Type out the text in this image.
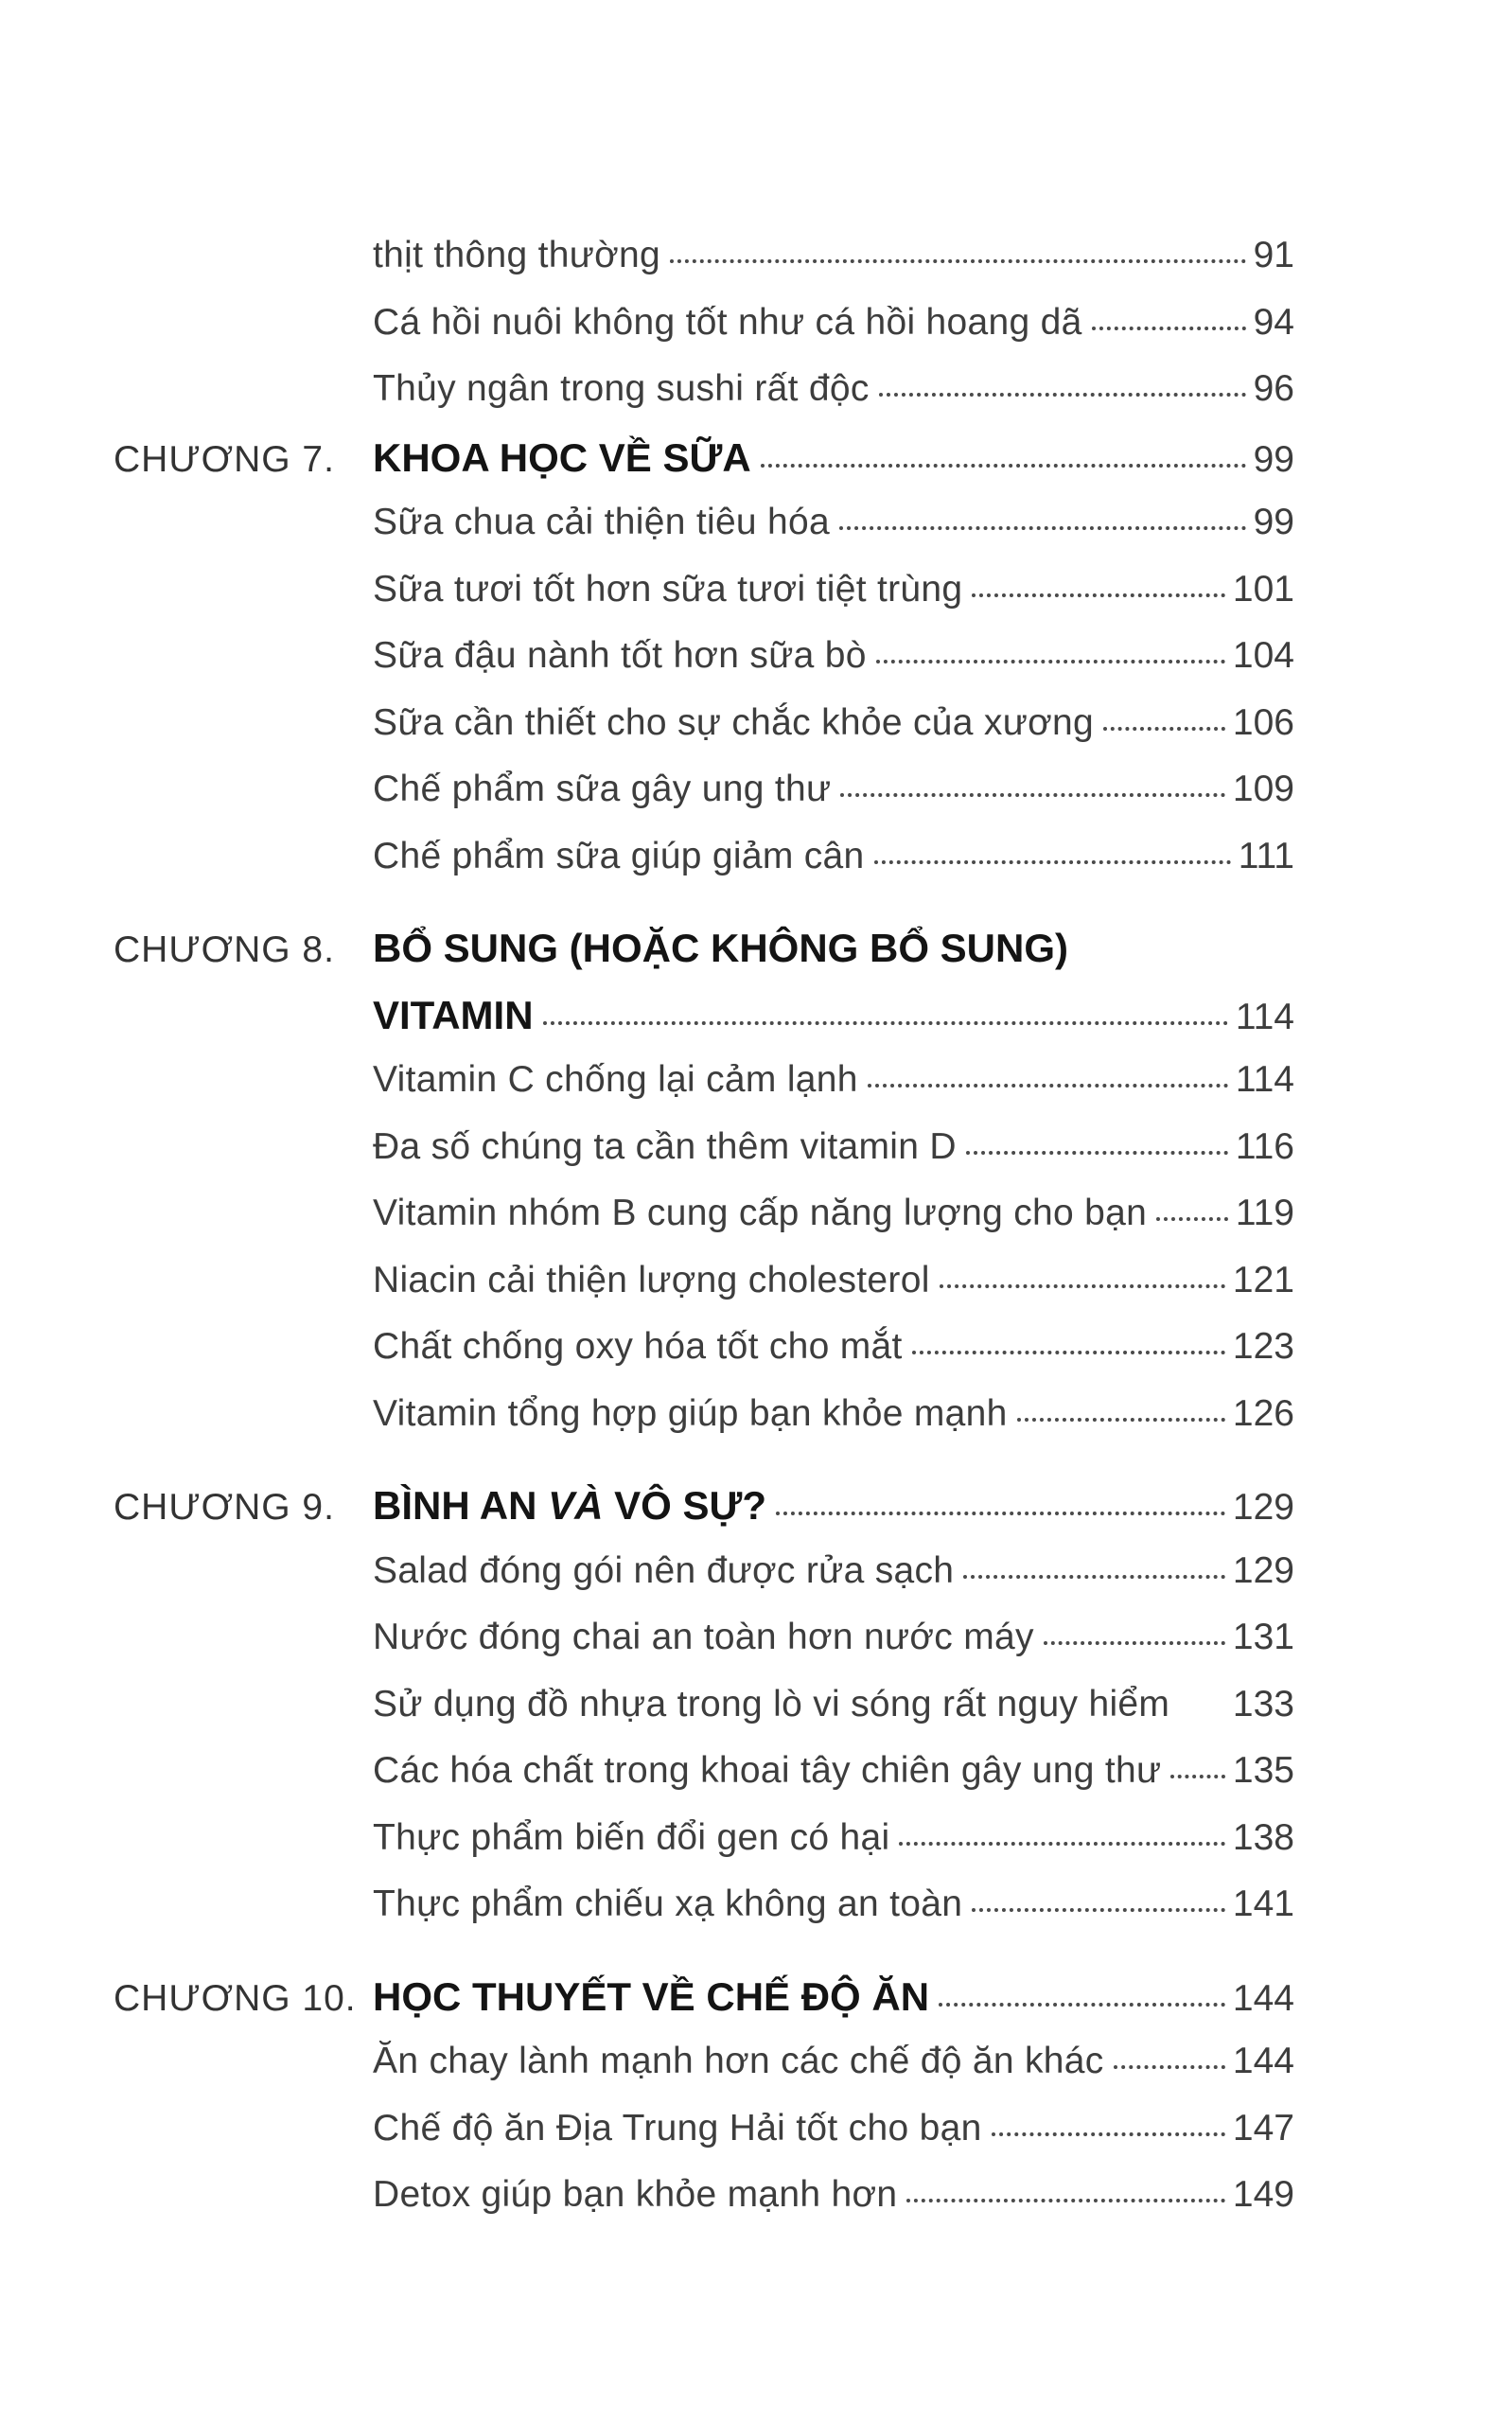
thịt thông thường	91
Cá hồi nuôi không tốt như cá hồi hoang dã	94
Thủy ngân trong sushi rất độc	96
CHƯƠNG 7. KHOA HỌC VỀ SỮA	99
Sữa chua cải thiện tiêu hóa	99
Sữa tươi tốt hơn sữa tươi tiệt trùng	101
Sữa đậu nành tốt hơn sữa bò	104
Sữa cần thiết cho sự chắc khỏe của xương	106
Chế phẩm sữa gây ung thư	109
Chế phẩm sữa giúp giảm cân	111
CHƯƠNG 8. BỔ SUNG (HOẶC KHÔNG BỔ SUNG)
VITAMIN	114
Vitamin C chống lại cảm lạnh	114
Đa số chúng ta cần thêm vitamin D	116
Vitamin nhóm B cung cấp năng lượng cho bạn 119
Niacin cải thiện lượng cholesterol	121
Chất chống oxy hóa tốt cho mắt	123
Vitamin tổng hợp giúp bạn khỏe mạnh	126
CHƯƠNG 9. BÌNH AN VÀ VÔ SỰ?	129
Salad đóng gói nên được rửa sạch	129
Nước đóng chai an toàn hơn nước máy	131
Sử dụng đồ nhựa trong lò vi sóng rất nguy hiểm 133
Các hóa chất trong khoai tây chiên gây ung thư 135
Thực phẩm biến đổi gen có hại	138
Thực phẩm chiếu xạ không an toàn	141
CHƯƠNG 10. HỌC THUYẾT VỀ CHẾ ĐỘ ĂN	144
Ăn chay lành mạnh hơn các chế độ ăn khác	144
Chế độ ăn Địa Trung Hải tốt cho bạn	147
Detox giúp bạn khỏe mạnh hơn	149
